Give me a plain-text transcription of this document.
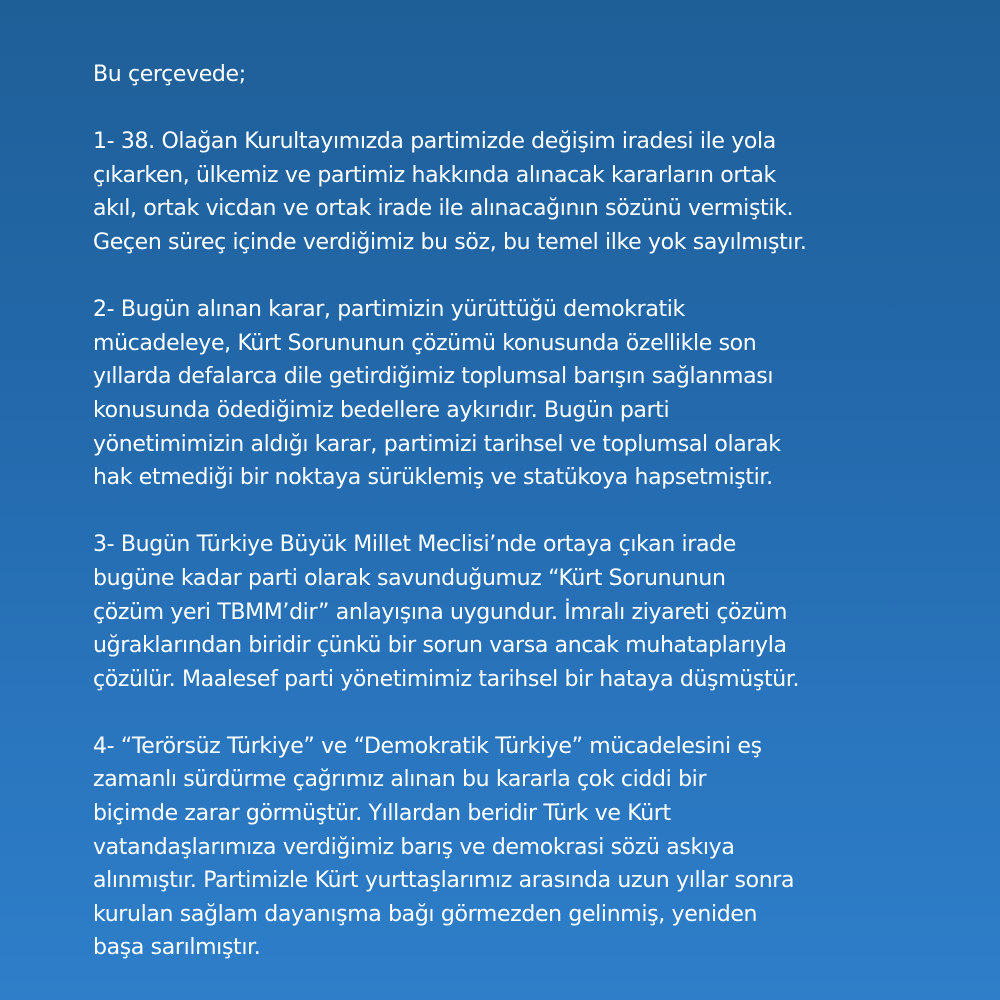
Bu çerçevede;
1- 38. Olağan Kurultayımızda partimizde değişim iradesi ile yola
çıkarken, ülkemiz ve partimiz hakkında alınacak kararların ortak
akıl, ortak vicdan ve ortak irade ile alınacağının sözünü vermiştik.
Geçen süreç içinde verdiğimiz bu söz, bu temel ilke yok sayılmıştır.
2- Bugün alınan karar, partimizin yürüttüğü demokratik
mücadeleye, Kürt Sorununun çözümü konusunda özellikle son
yıllarda defalarca dile getirdiğimiz toplumsal barışın sağlanması
konusunda ödediğimiz bedellere aykırıdır. Bugün parti
yönetimimizin aldığı karar, partimizi tarihsel ve toplumsal olarak
hak etmediği bir noktaya sürüklemiş ve statükoya hapsetmiştir.
3- Bugün Türkiye Büyük Millet Meclisi’nde ortaya çıkan irade
bugüne kadar parti olarak savunduğumuz “Kürt Sorununun
çözüm yeri TBMM’dir” anlayışına uygundur. İmralı ziyareti çözüm
uğraklarından biridir çünkü bir sorun varsa ancak muhataplarıyla
çözülür. Maalesef parti yönetimimiz tarihsel bir hataya düşmüştür.
4- “Terörsüz Türkiye” ve “Demokratik Türkiye” mücadelesini eş
zamanlı sürdürme çağrımız alınan bu kararla çok ciddi bir
biçimde zarar görmüştür. Yıllardan beridir Türk ve Kürt
vatandaşlarımıza verdiğimiz barış ve demokrasi sözü askıya
alınmıştır. Partimizle Kürt yurttaşlarımız arasında uzun yıllar sonra
kurulan sağlam dayanışma bağı görmezden gelinmiş, yeniden
başa sarılmıştır.
